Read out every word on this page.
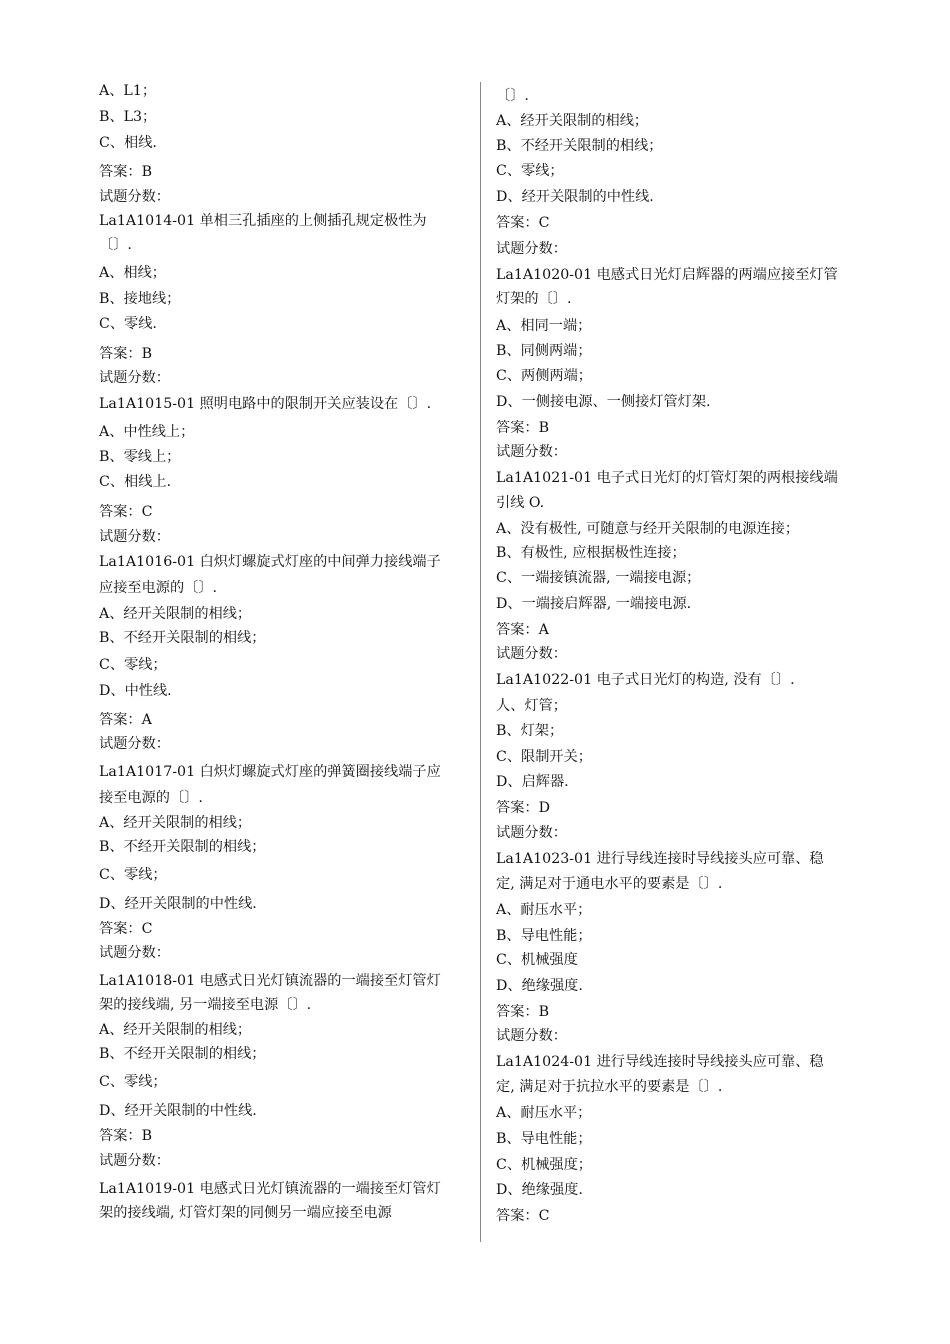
A、L1；
B、L3；
C、相线.
答案：B
试题分数：
La1A1014-01 单相三孔插座的上侧插孔规定极性为
〔〕.
A、相线；
B、接地线；
C、零线.
答案：B
试题分数：
La1A1015-01 照明电路中的限制开关应装设在〔〕.
A、中性线上；
B、零线上；
C、相线上.
答案：C
试题分数：
La1A1016-01 白炽灯螺旋式灯座的中间弹力接线端子
应接至电源的〔〕.
A、经开关限制的相线；
B、不经开关限制的相线；
C、零线；
D、中性线.
答案：A
试题分数：
La1A1017-01 白炽灯螺旋式灯座的弹簧圈接线端子应
接至电源的〔〕.
A、经开关限制的相线；
B、不经开关限制的相线；
C、零线；
D、经开关限制的中性线.
答案：C
试题分数：
La1A1018-01 电感式日光灯镇流器的一端接至灯管灯
架的接线端, 另一端接至电源〔〕.
A、经开关限制的相线；
B、不经开关限制的相线；
C、零线；
D、经开关限制的中性线.
答案：B
试题分数：
La1A1019-01 电感式日光灯镇流器的一端接至灯管灯
架的接线端, 灯管灯架的同侧另一端应接至电源
〔〕.
A、经开关限制的相线；
B、不经开关限制的相线；
C、零线；
D、经开关限制的中性线.
答案：C
试题分数：
La1A1020-01 电感式日光灯启辉器的两端应接至灯管
灯架的〔〕.
A、相同一端；
B、同侧两端；
C、两侧两端；
D、一侧接电源、一侧接灯管灯架.
答案：B
试题分数：
La1A1021-01 电子式日光灯的灯管灯架的两根接线端
引线 O.
A、没有极性, 可随意与经开关限制的电源连接；
B、有极性, 应根据极性连接；
C、一端接镇流器, 一端接电源；
D、一端接启辉器, 一端接电源.
答案：A
试题分数：
La1A1022-01 电子式日光灯的构造, 没有〔〕.
人、灯管；
B、灯架；
C、限制开关；
D、启辉器.
答案：D
试题分数：
La1A1023-01 进行导线连接时导线接头应可靠、稳
定, 满足对于通电水平的要素是〔〕.
A、耐压水平；
B、导电性能；
C、机械强度
D、绝缘强度.
答案：B
试题分数：
La1A1024-01 进行导线连接时导线接头应可靠、稳
定, 满足对于抗拉水平的要素是〔〕.
A、耐压水平；
B、导电性能；
C、机械强度；
D、绝缘强度.
答案：C
